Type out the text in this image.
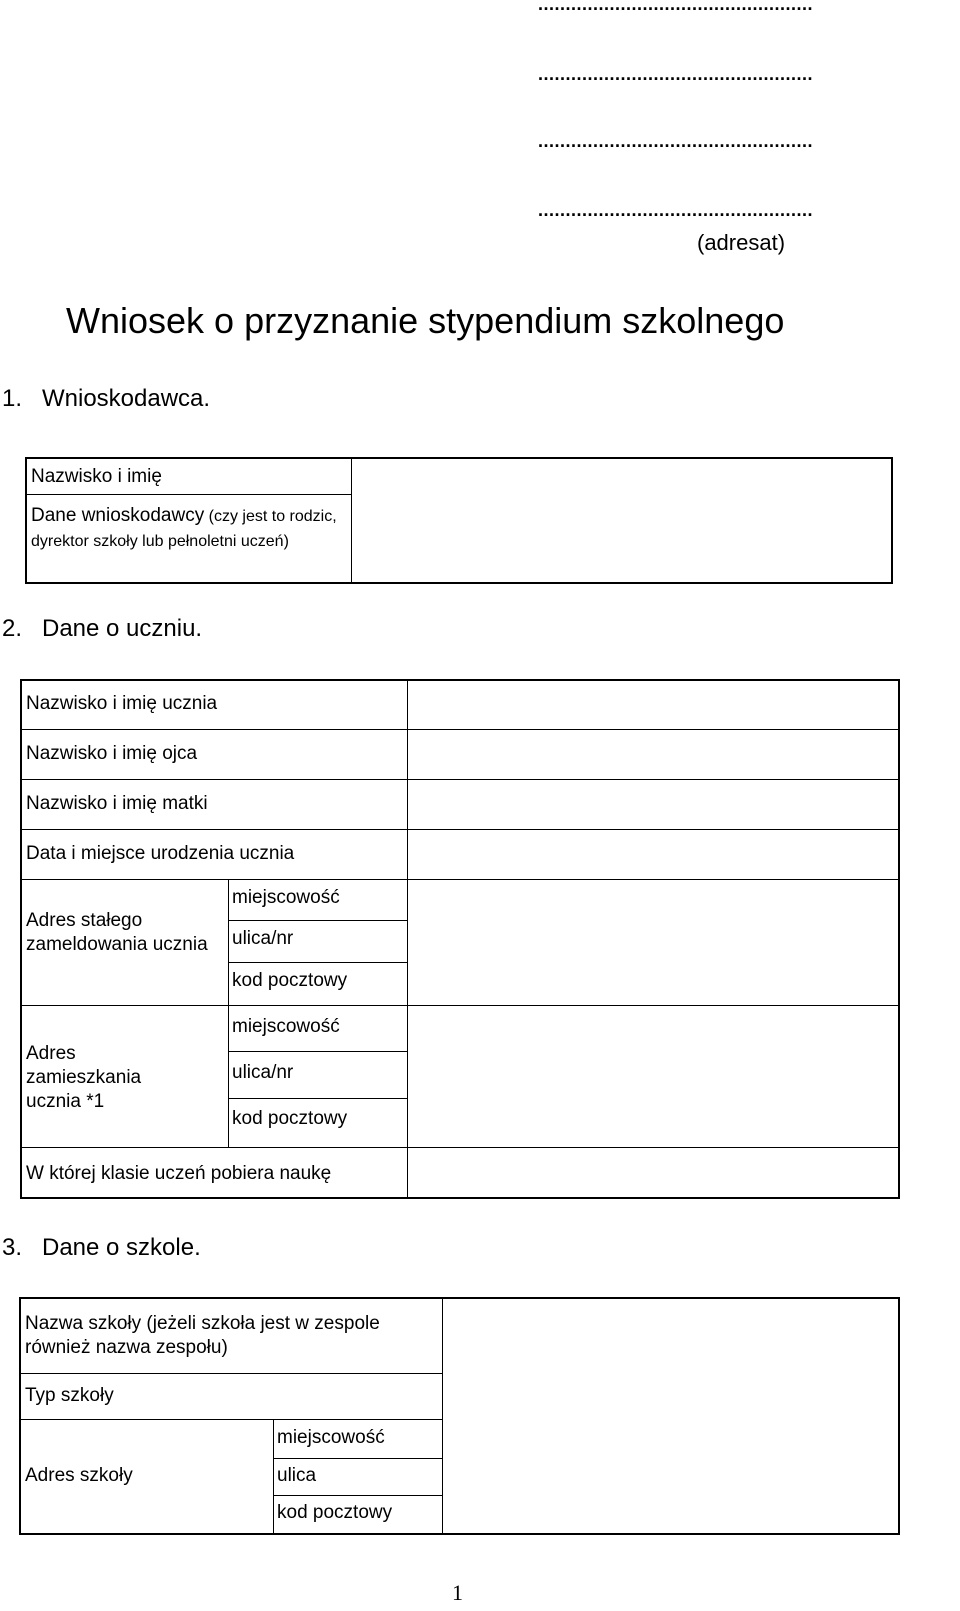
..................................................
..................................................
..................................................
..................................................
(adresat)
Wniosek o przyznanie stypendium szkolnego
1. Wnioskodawca.
Nazwisko i imię
Dane wnioskodawcy (czy jest to rodzic, dyrektor szkoły lub pełnoletni uczeń)
2. Dane o uczniu.
Nazwisko i imię ucznia
Nazwisko i imię ojca
Nazwisko i imię matki
Data i miejsce urodzenia ucznia
Adres stałego zameldowania ucznia
Adres zamieszkania ucznia *1
miejscowość
ulica/nr
kod pocztowy
miejscowość
ulica/nr
kod pocztowy
W której klasie uczeń pobiera naukę
3. Dane o szkole.
Nazwa szkoły (jeżeli szkoła jest w zespole również nazwa zespołu)
Typ szkoły
Adres szkoły
miejscowość
ulica
kod pocztowy
1
